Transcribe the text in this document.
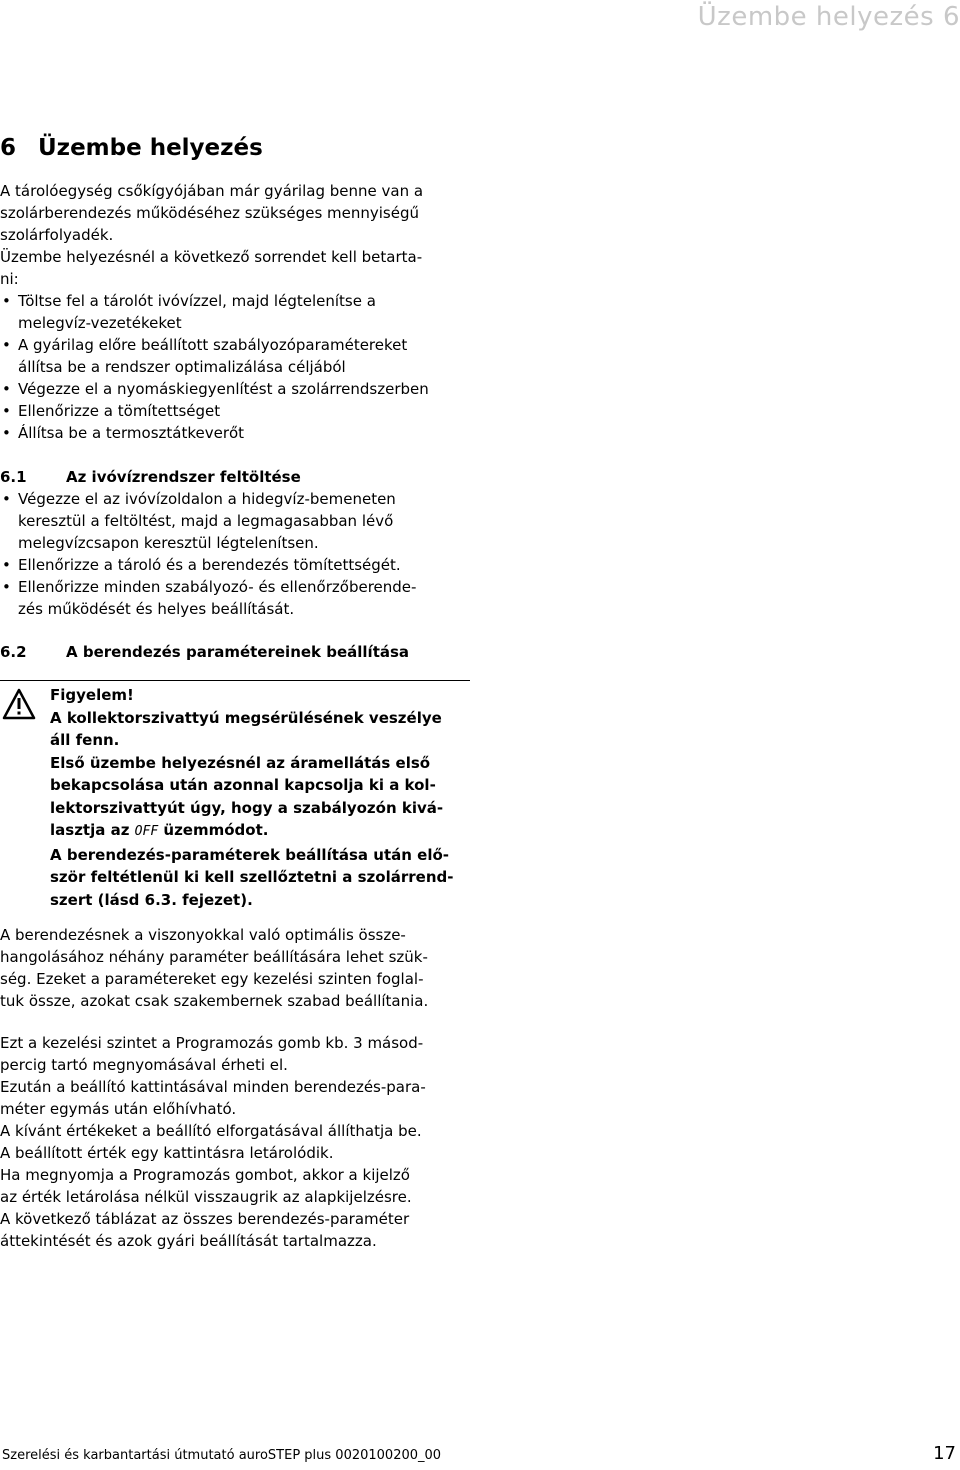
Üzembe helyezés 6
6 Üzembe helyezés

A tárolóegység csőkígyójában már gyárilag benne van a

szolárberendezés működéséhez szükséges mennyiségű

szolárfolyadék.

Üzembe helyezésnél a következő sorrendet kell betarta-

ni:

• Töltse fel a tárolót ivóvízzel, majd légtelenítse a
melegvíz-vezetékeket
• A gyárilag előre beállított szabályozóparamétereket
állítsa be a rendszer optimalizálása céljából
• Végezze el a nyomáskiegyenlítést a szolárrendszerben
• Ellenőrizze a tömítettséget
• Állítsa be a termosztátkeverőt
6.1	Az ivóvízrendszer feltöltése
• Végezze el az ivóvízoldalon a hidegvíz-bemeneten
keresztül a feltöltést, majd a legmagasabban lévő
melegvízcsapon keresztül légtelenítsen.
• Ellenőrizze a tároló és a berendezés tömítettségét.
• Ellenőrizze minden szabályozó- és ellenőrzőberende-
zés működését és helyes beállítását.
6.2	A berendezés paramétereinek beállítása

Figyelem!

A kollektorszivattyú megsérülésének veszélye

áll fenn.

Első üzembe helyezésnél az áramellátás első

bekapcsolása után azonnal kapcsolja ki a kol-

lektorszivattyút úgy, hogy a szabályozón kivá-

lasztja az OFF üzemmódot.

A berendezés-paraméterek beállítása után elő-

ször feltétlenül ki kell szellőztetni a szolárrend-

szert (lásd 6.3. fejezet).

A berendezésnek a viszonyokkal való optimális össze-

hangolásához néhány paraméter beállítására lehet szük-

ség. Ezeket a paramétereket egy kezelési szinten foglal-

tuk össze, azokat csak szakembernek szabad beállítania.

Ezt a kezelési szintet a Programozás gomb kb. 3 másod-

percig tartó megnyomásával érheti el.

Ezután a beállító kattintásával minden berendezés-para-

méter egymás után előhívható.

A kívánt értékeket a beállító elforgatásával állíthatja be.

A beállított érték egy kattintásra letárolódik.

Ha megnyomja a Programozás gombot, akkor a kijelző

az érték letárolása nélkül visszaugrik az alapkijelzésre.

A következő táblázat az összes berendezés-paraméter

áttekintését és azok gyári beállítását tartalmazza.

Szerelési és karbantartási útmutató auroSTEP plus 0020100200_00	17
